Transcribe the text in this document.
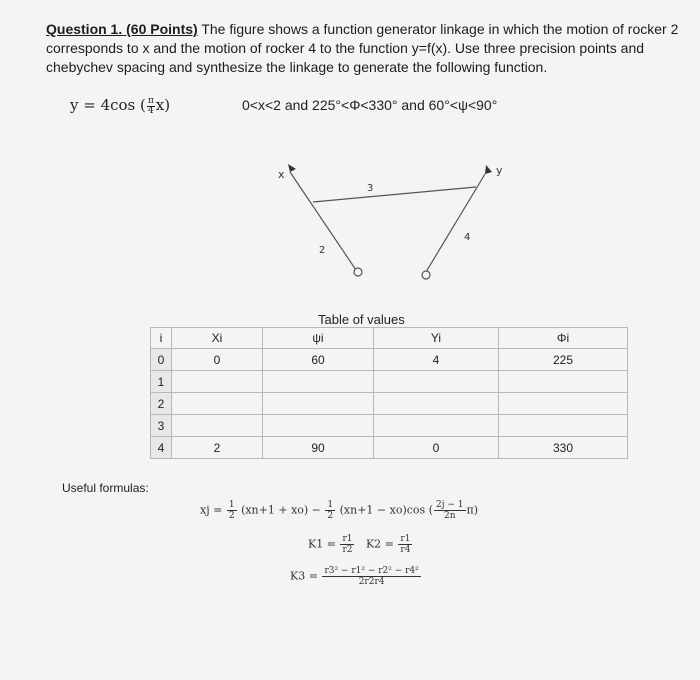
Question 1. (60 Points) The figure shows a function generator linkage in which the motion of rocker 2 corresponds to x and the motion of rocker 4 to the function y=f(x). Use three precision points and chebychev spacing and synthesize the linkage to generate the following function.
y = 4cos ( $\frac{\pi}{4} x$)	0<x<2 and 225°<Φ<330° and 60°<ψ<90°
x	y
2
3
4
Table of values
i	Xi	ψi	Yi	Φi
0	0	60	4	225
1				
2				
3				
4	2	90	0	330
Useful formulas:
xj = $\frac{1}{2} (xn+1 + xo) - \frac{1}{2} (xn+1 - xo)\cos$ ( $\frac{2j - 1}{2n} \pi$)
$K1 = \frac{r1}{r2} K2 = \frac{r1}{r4}$
$K3 = \frac{\text{r3² − r1² − r2² − r4²}}{2r2r4}$
